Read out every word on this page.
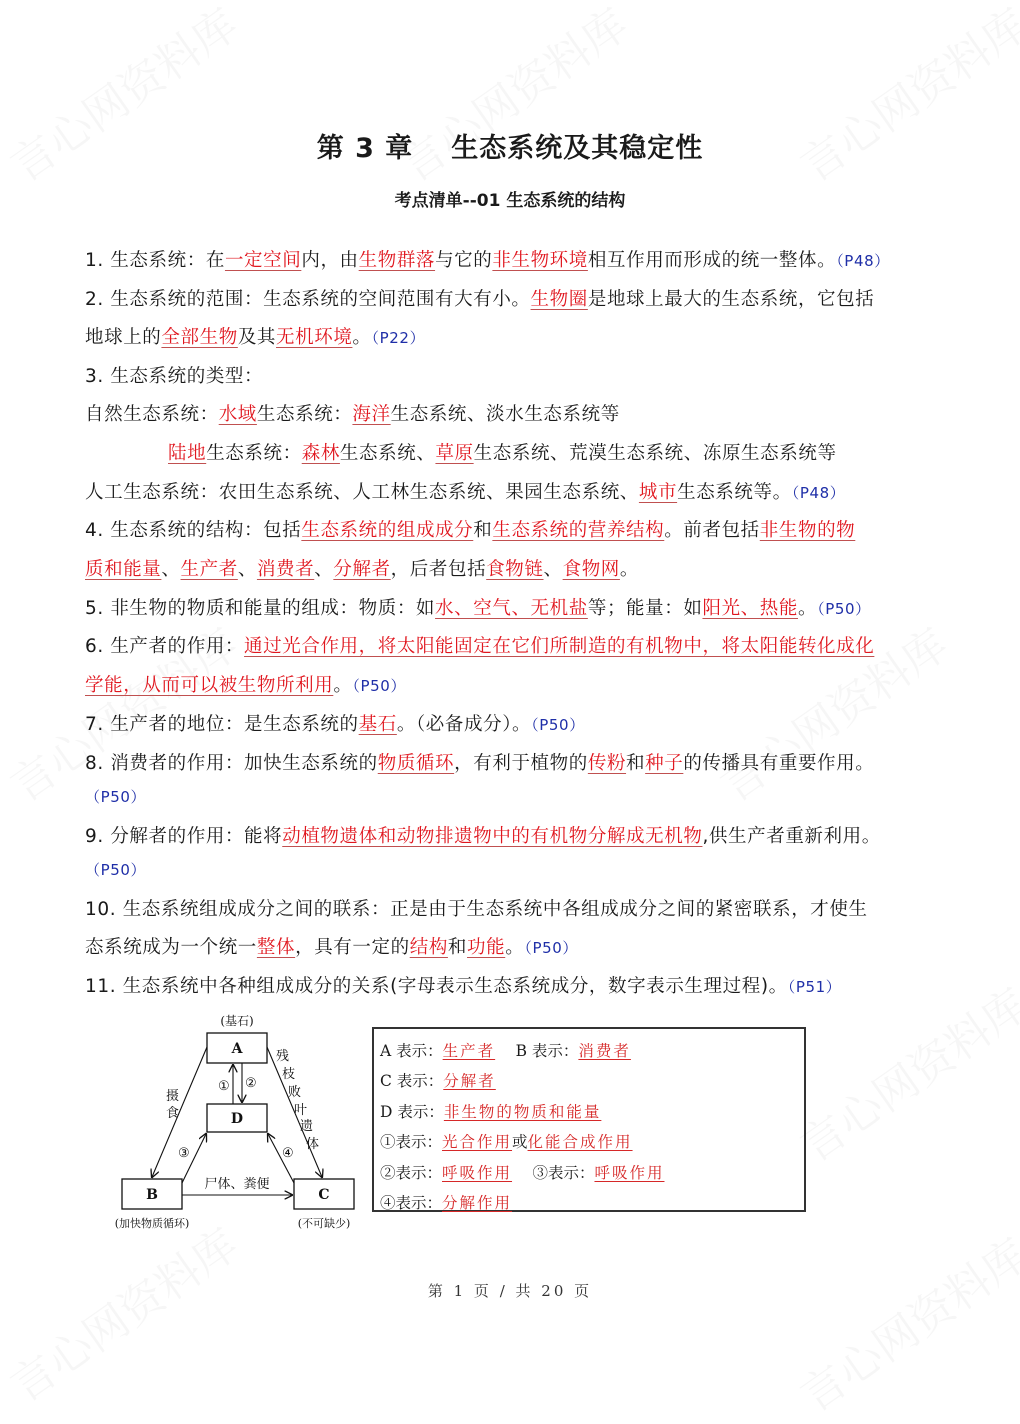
第 3 章 生态系统及其稳定性
考点清单--01 生态系统的结构
1. 生态系统：在一定空间内，由生物群落与它的非生物环境相互作用而形成的统一整体。（P48）
2. 生态系统的范围：生态系统的空间范围有大有小。生物圈是地球上最大的生态系统，它包括
地球上的全部生物及其无机环境。（P22）
3. 生态系统的类型：
自然生态系统：水域生态系统：海洋生态系统、淡水生态系统等
陆地生态系统：森林生态系统、草原生态系统、荒漠生态系统、冻原生态系统等
人工生态系统：农田生态系统、人工林生态系统、果园生态系统、城市生态系统等。（P48）
4. 生态系统的结构：包括生态系统的组成成分和生态系统的营养结构。前者包括非生物的物
质和能量、生产者、消费者、分解者，后者包括食物链、食物网。
5. 非生物的物质和能量的组成：物质：如水、空气、无机盐等；能量：如阳光、热能。（P50）
6. 生产者的作用：通过光合作用，将太阳能固定在它们所制造的有机物中，将太阳能转化成化
学能，从而可以被生物所利用。（P50）
7. 生产者的地位：是生态系统的基石。（必备成分）。（P50）
8. 消费者的作用：加快生态系统的物质循环，有利于植物的传粉和种子的传播具有重要作用。
（P50）
9. 分解者的作用：能将动植物遗体和动物排遗物中的有机物分解成无机物,供生产者重新利用。
（P50）
10. 生态系统组成成分之间的联系：正是由于生态系统中各组成成分之间的紧密联系，才使生
态系统成为一个统一整体，具有一定的结构和功能。（P50）
11. 生态系统中各种组成成分的关系(字母表示生态系统成分，数字表示生理过程)。（P51）
(基石)
A
D
B	C
(加快物质循环)	(不可缺少)
摄
食
残
枝
败
叶
遗
体
尸体、粪便
① ②
③	④
A 表示：生产者　 B 表示：消费者
C 表示：分解者
D 表示：非生物的物质和能量
①表示：光合作用或化能合成作用
②表示：呼吸作用　 ③表示：呼吸作用
④表示：分解作用
第 1 页 / 共 20 页
